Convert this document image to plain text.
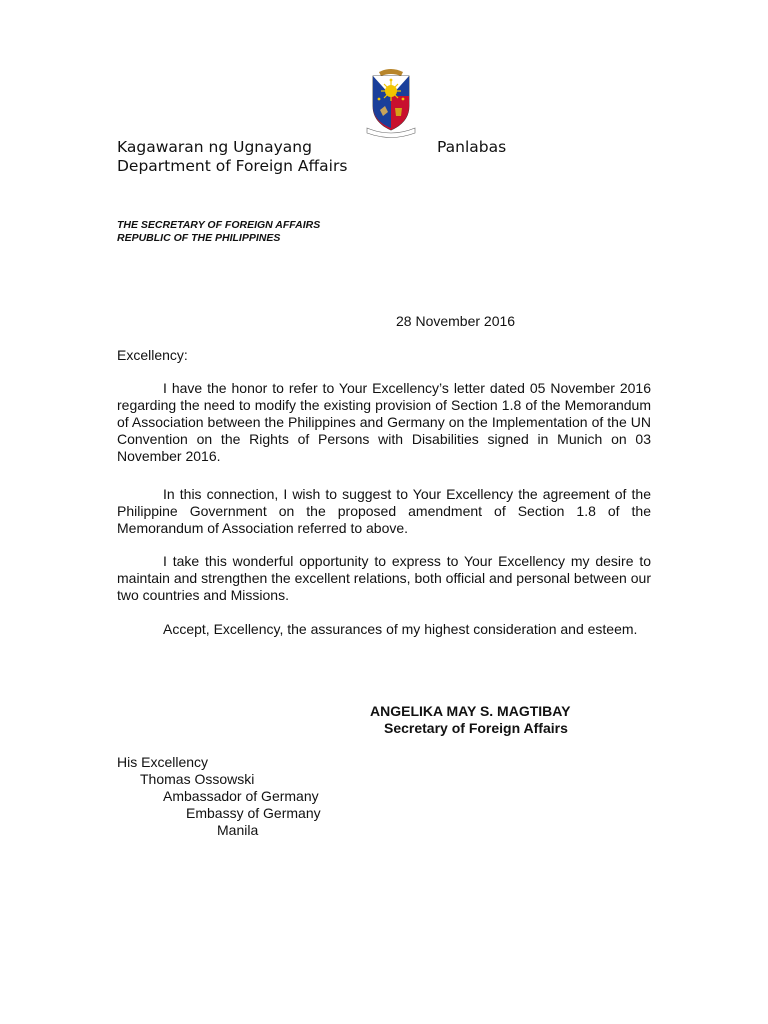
Kagawaran ng Ugnayang	Panlabas

Department of Foreign Affairs

THE SECRETARY OF FOREIGN AFFAIRS

REPUBLIC OF THE PHILIPPINES

28 November 2016

Excellency:

I have the honor to refer to Your Excellency’s letter dated 05 November 2016 regarding the need to modify the existing provision of Section 1.8 of the Memorandum of Association between the Philippines and Germany on the Implementation of the UN Convention on the Rights of Persons with Disabilities signed in Munich on 03 November 2016.

In this connection, I wish to suggest to Your Excellency the agreement of the Philippine Government on the proposed amendment of Section 1.8 of the Memorandum of Association referred to above.

I take this wonderful opportunity to express to Your Excellency my desire to maintain and strengthen the excellent relations, both official and personal between our two countries and Missions.

Accept, Excellency, the assurances of my highest consideration and esteem.

ANGELIKA MAY S. MAGTIBAY

Secretary of Foreign Affairs

His Excellency

Thomas Ossowski

Ambassador of Germany

Embassy of Germany

Manila
